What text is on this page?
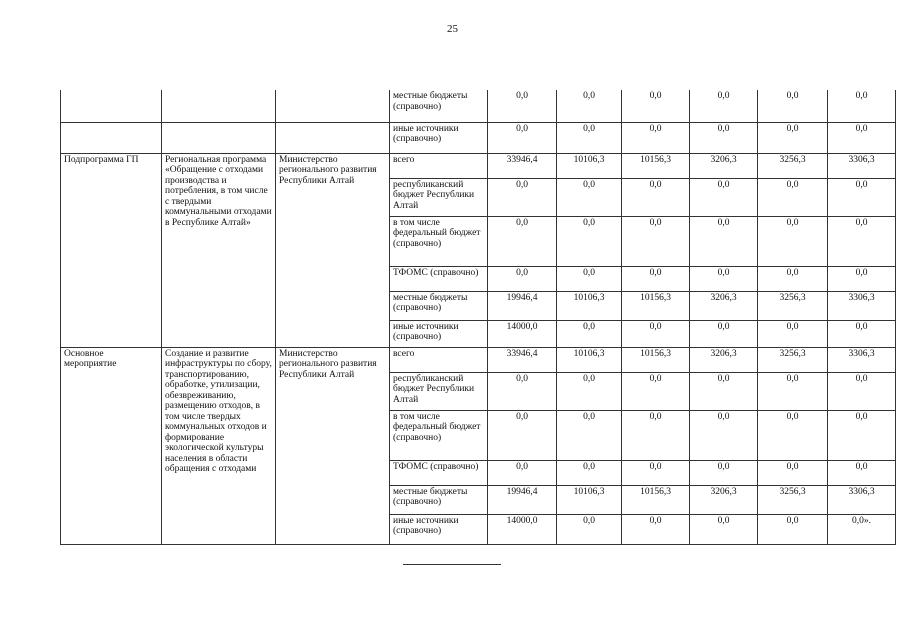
25
			местные бюджеты (справочно)	0,0	0,0	0,0	0,0	0,0	0,0
			иные источники (справочно)	0,0	0,0	0,0	0,0	0,0	0,0
Подпрограмма ГП	Региональная программа «Обращение с отходами производства и потребления, в том числе с твердыми коммунальными отходами в Республике Алтай»	Министерство регионального развития Республики Алтай	всего	33946,4	10106,3	10156,3	3206,3	3256,3	3306,3
			республиканский бюджет Республики Алтай	0,0	0,0	0,0	0,0	0,0	0,0
			в том числе федеральный бюджет (справочно)	0,0	0,0	0,0	0,0	0,0	0,0
			ТФОМС (справочно)	0,0	0,0	0,0	0,0	0,0	0,0
			местные бюджеты (справочно)	19946,4	10106,3	10156,3	3206,3	3256,3	3306,3
			иные источники (справочно)	14000,0	0,0	0,0	0,0	0,0	0,0
Основное мероприятие	Создание и развитие инфраструктуры по сбору, транспортированию, обработке, утилизации, обезвреживанию, размещению отходов, в том числе твердых коммунальных отходов и формирование экологической культуры населения в области обращения с отходами	Министерство регионального развития Республики Алтай	всего	33946,4	10106,3	10156,3	3206,3	3256,3	3306,3
			республиканский бюджет Республики Алтай	0,0	0,0	0,0	0,0	0,0	0,0
			в том числе федеральный бюджет (справочно)	0,0	0,0	0,0	0,0	0,0	0,0
			ТФОМС (справочно)	0,0	0,0	0,0	0,0	0,0	0,0
			местные бюджеты (справочно)	19946,4	10106,3	10156,3	3206,3	3256,3	3306,3
			иные источники (справочно)	14000,0	0,0	0,0	0,0	0,0	0,0».
